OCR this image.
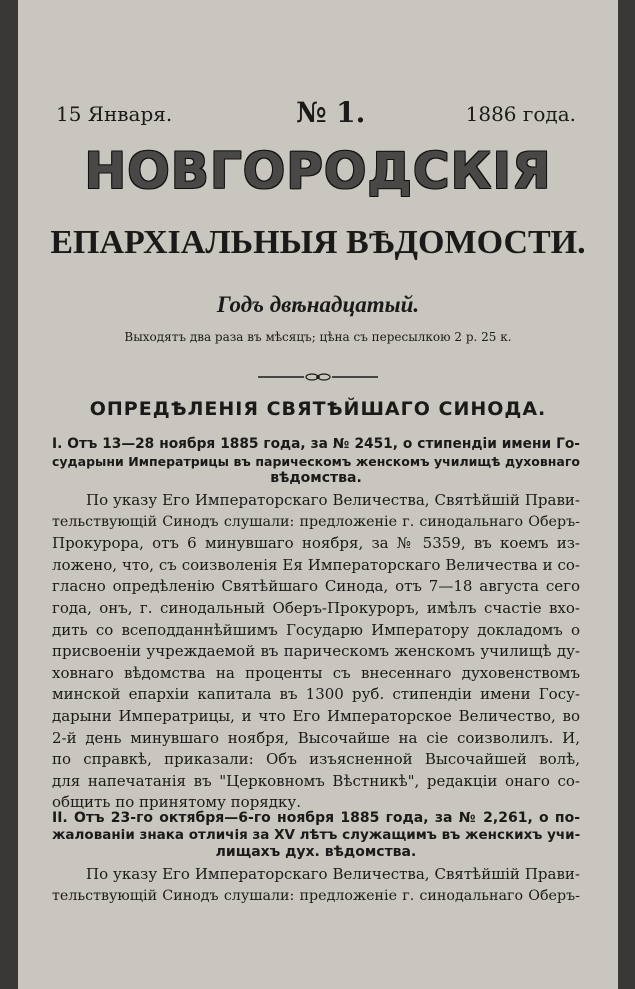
15 Января.	№ 1.	1886 года.
НОВГОРОДСКІЯ
ЕПАРХІАЛЬНЫЯ ВѢДОМОСТИ.
Годъ двѣнадцатый.
Выходятъ два раза въ мѣсяцъ; цѣна съ пересылкою 2 р. 25 к.
ОПРЕДѢЛЕНІЯ СВЯТѢЙШАГО СИНОДА.
I. Отъ 13—28 ноября 1885 года, за № 2451, о стипендіи имени Го-
сударыни Императрицы въ парическомъ женскомъ училищѣ духовнаго
вѣдомства.
По указу Его Императорскаго Величества, Святѣйшій Прави-
тельствующій Синодъ слушали: предложеніе г. синодальнаго Оберъ-
Прокурора, отъ 6 минувшаго ноября, за № 5359, въ коемъ из-
ложено, что, съ соизволенія Ея Императорскаго Величества и со-
гласно опредѣленію Святѣйшаго Синода, отъ 7—18 августа сего
года, онъ, г. синодальный Оберъ-Прокуроръ, имѣлъ счастіе вхо-
дить со всеподданнѣйшимъ Государю Императору докладомъ о
присвоеніи учреждаемой въ парическомъ женскомъ училищѣ ду-
ховнаго вѣдомства на проценты съ внесеннаго духовенствомъ
минской епархіи капитала въ 1300 руб. стипендіи имени Госу-
дарыни Императрицы, и что Его Императорское Величество, во
2-й день минувшаго ноября, Высочайше на сіе соизволилъ. И,
по справкѣ, приказали: Объ изъясненной Высочайшей волѣ,
для напечатанія въ "Церковномъ Вѣстникѣ", редакціи онаго со-
общить по принятому порядку.
II. Отъ 23-го октября—6-го ноября 1885 года, за № 2,261, о по-
жалованіи знака отличія за XV лѣтъ служащимъ въ женскихъ учи-
лищахъ дух. вѣдомства.
По указу Его Императорскаго Величества, Святѣйшій Прави-
тельствующій Синодъ слушали: предложеніе г. синодальнаго Оберъ-
